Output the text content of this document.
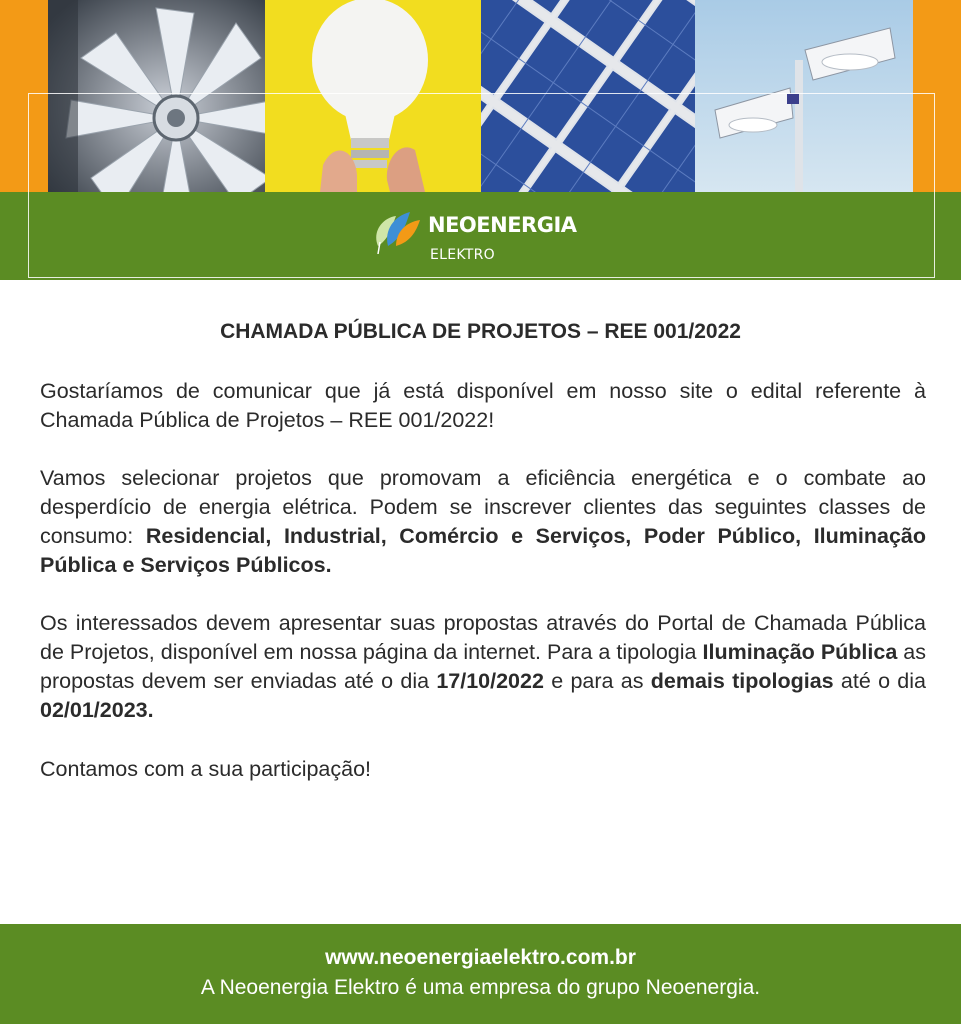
NEOENERGIA
ELEKTRO
CHAMADA PÚBLICA DE PROJETOS – REE 001/2022

Gostaríamos de comunicar que já está disponível em nosso site o edital referente à Chamada Pública de Projetos – REE 001/2022!

Vamos selecionar projetos que promovam a eficiência energética e o combate ao desperdício de energia elétrica. Podem se inscrever clientes das seguintes classes de consumo: Residencial, Industrial, Comércio e Serviços, Poder Público, Iluminação Pública e Serviços Públicos.

Os interessados devem apresentar suas propostas através do Portal de Chamada Pública de Projetos, disponível em nossa página da internet. Para a tipologia Iluminação Pública as propostas devem ser enviadas até o dia 17/10/2022 e para as demais tipologias até o dia 02/01/2023.

Contamos com a sua participação!

www.neoenergiaelektro.com.br
A Neoenergia Elektro é uma empresa do grupo Neoenergia.
